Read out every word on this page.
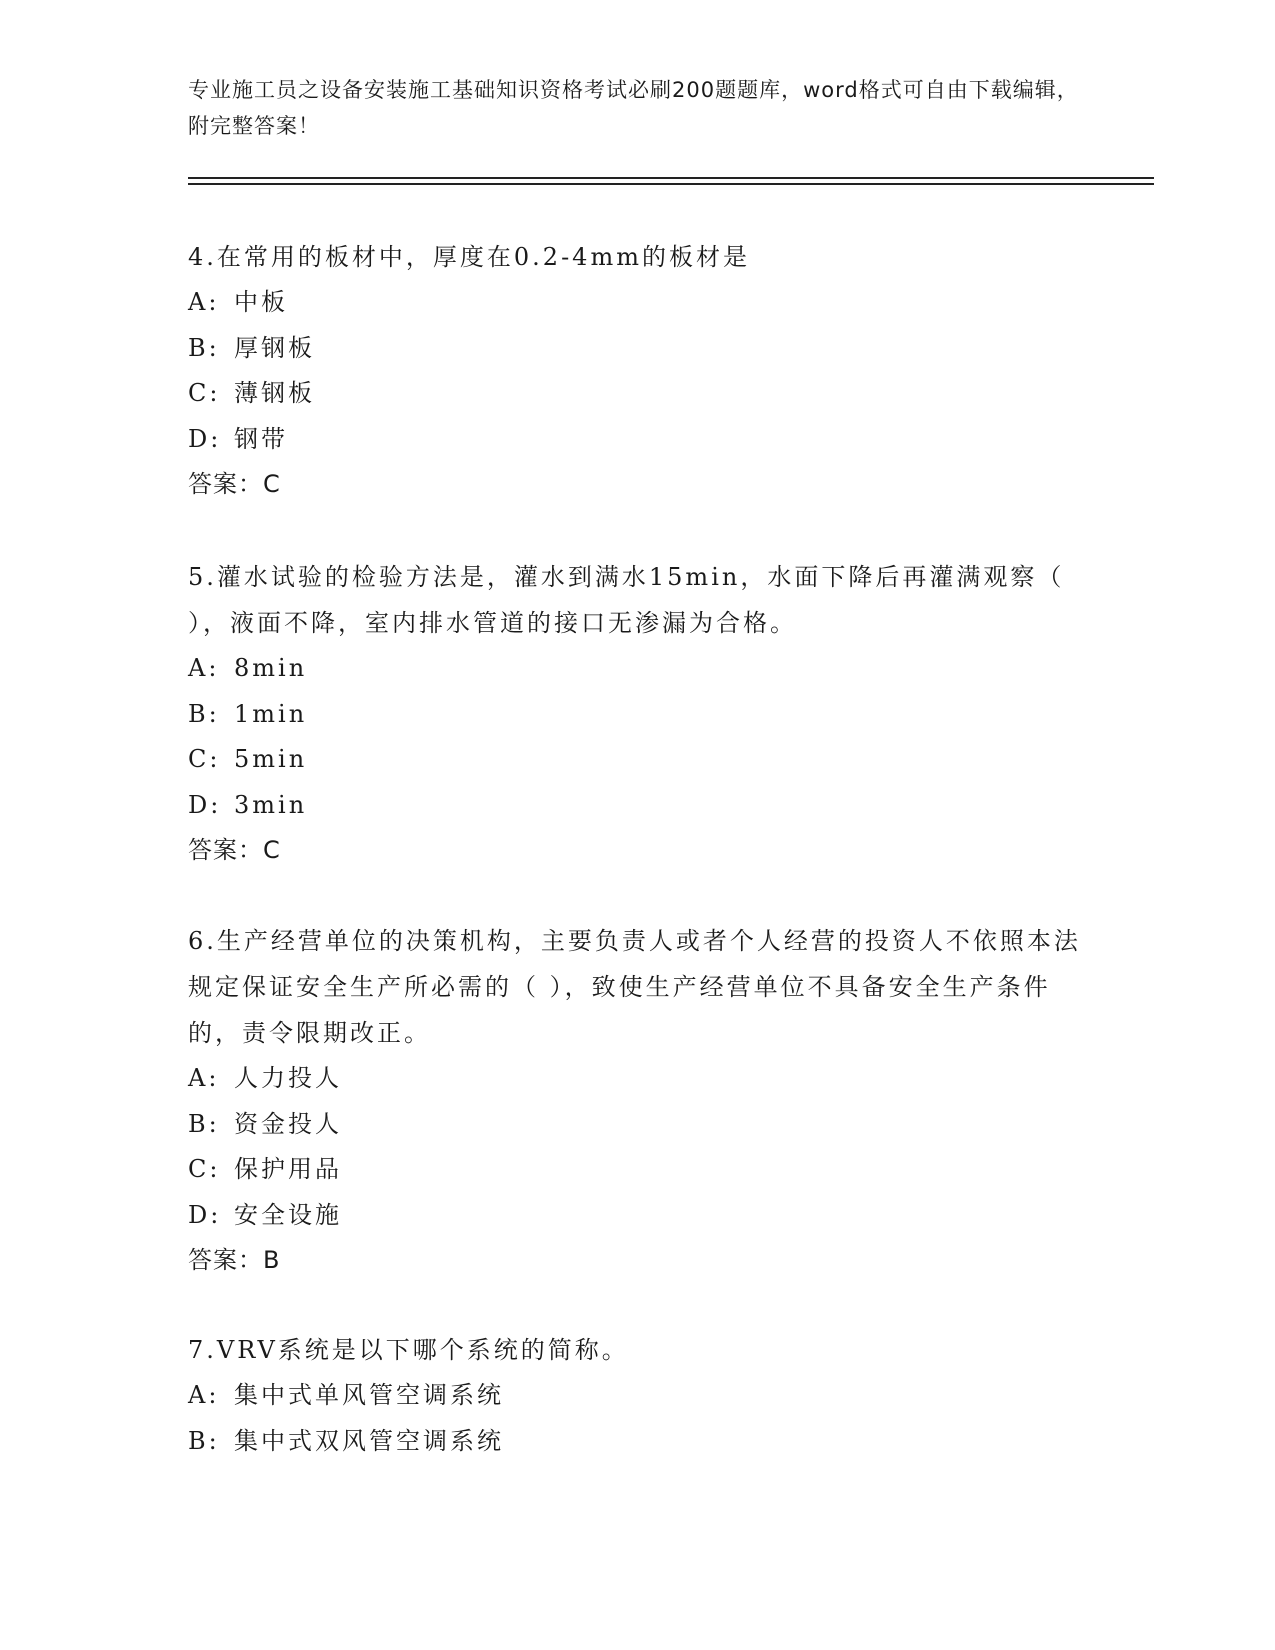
专业施工员之设备安装施工基础知识资格考试必刷200题题库，word格式可自由下载编辑，附完整答案！

4.在常用的板材中，厚度在0.2-4mm的板材是

A: 中板

B: 厚钢板

C: 薄钢板

D: 钢带

答案：C

5.灌水试验的检验方法是，灌水到满水15min，水面下降后再灌满观察（ ），液面不降，室内排水管道的接口无渗漏为合格。

A: 8min

B: 1min

C: 5min

D: 3min

答案：C

6.生产经营单位的决策机构，主要负责人或者个人经营的投资人不依照本法规定保证安全生产所必需的（ ），致使生产经营单位不具备安全生产条件的，责令限期改正。

A: 人力投人

B: 资金投人

C: 保护用品

D: 安全设施

答案：B

7.VRV系统是以下哪个系统的简称。

A: 集中式单风管空调系统

B: 集中式双风管空调系统
